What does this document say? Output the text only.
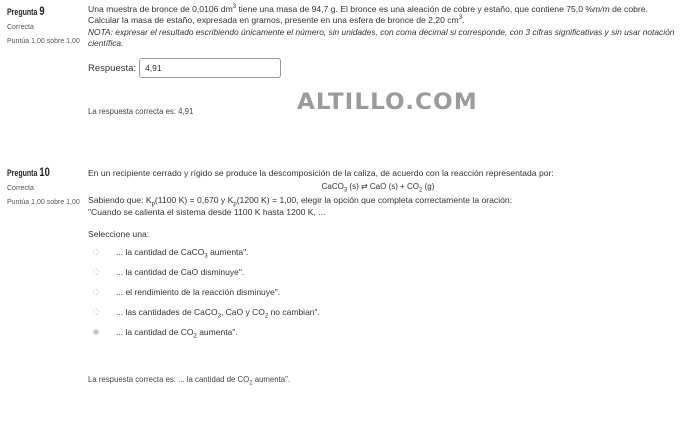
Pregunta 9
Correcta
Puntúa 1,00 sobre 1,00
Una muestra de bronce de 0,0106 $dm^3$ tiene una masa de 94,7 g. El bronce es una aleación de cobre y estaño, que contiene 75,0 %m/m de cobre.
Calcular la masa de estaño, expresada en gramos, presente en una esfera de bronce de 2,20 $cm^3$.
NOTA: expresar el resultado escribiendo únicamente el número, sin unidades, con coma decimal si corresponde, con 3 cifras significativas y sin usar notación científica.
Respuesta:
4,91
La respuesta correcta es: 4,91	ALTILLO.COM
Pregunta 10
Correcta
Puntúa 1,00 sobre 1,00
En un recipiente cerrado y rígido se produce la descomposición de la caliza, de acuerdo con la reacción representada por:
CaCO$_3$ (s) ⇄ CaO $(s) + CO_2$ (g)
Sabiendo que: $K_p(1100$ K) = 0,670 y $K_p(1200$ K) = 1,00, elegir la opción que completa correctamente la oración:
"Cuando se calienta el sistema desde 1100 K hasta 1200 K, ...
Seleccione una:
... la cantidad de CaCO$_3$ aumenta".
... la cantidad de CaO disminuye".
... el rendimiento de la reacción disminuye".
... las cantidades de CaCO$_3$, CaO y $CO_2$ no cambian".
... la cantidad de $CO_2$ aumenta".
La respuesta correcta es: ... la cantidad de $CO_2$ aumenta".
